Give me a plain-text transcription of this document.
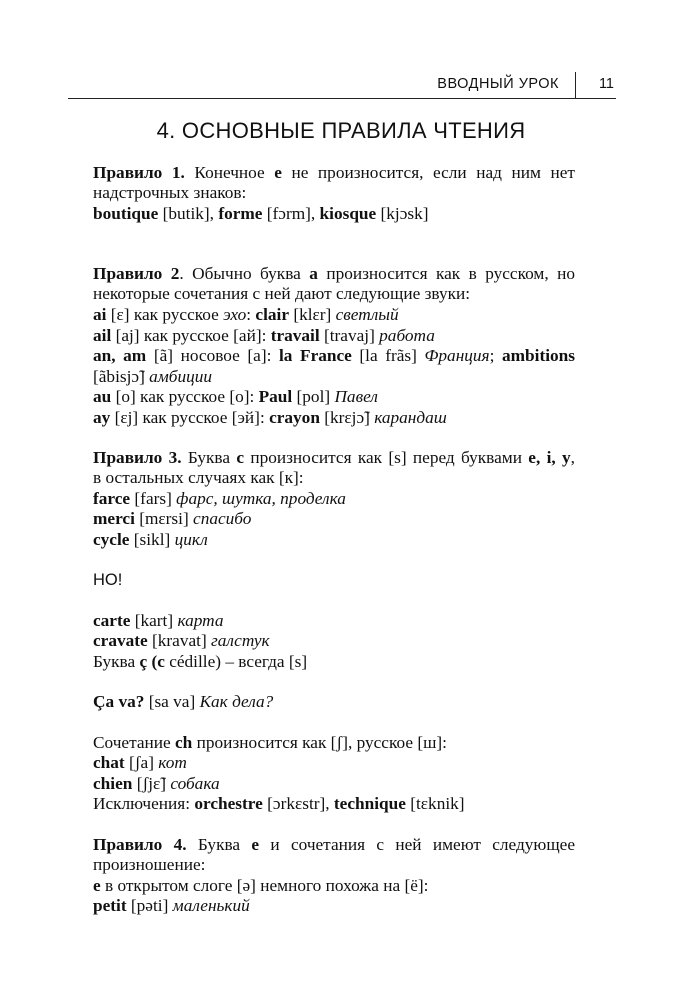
ВВОДНЫЙ УРОК	11
4. ОСНОВНЫЕ ПРАВИЛА ЧТЕНИЯ

Правило 1. Конечное e не произносится, если над ним нет

надстрочных знаков:

boutique [butik], forme [fɔrm], kiosque [kjɔsk]

Правило 2. Обычно буква a произносится как в русском, но

некоторые сочетания с ней дают следующие звуки:

ai [ɛ] как русское эхо: clair [klɛr] светлый

ail [aj] как русское [ай]: travail [travaj] работа

an, am [ã] носовое [а]: la France [la frãs] Франция; ambitions

[ãbisjɔ̃] амбиции

au [o] как русское [о]: Paul [pol] Павел

ay [ɛj] как русское [эй]: crayon [krɛjɔ̃] карандаш

Правило 3. Буква c произносится как [s] перед буквами e, i, y,

в остальных случаях как [к]:

farce [fars] фарс, шутка, проделка

merci [mɛrsi] спасибо

cycle [sikl] цикл

НО!

carte [kart] карта

cravate [kravat] галстук

Буква ç (c cédille) – всегда [s]

Ça va? [sa va] Как дела?

Сочетание ch произносится как [ʃ], русское [ш]:

chat [ʃa] кот

chien [ʃjɛ̃] собака

Исключения: orchestre [ɔrkɛstr], technique [tɛknik]

Правило 4. Буква e и сочетания с ней имеют следующее

произношение:

e в открытом слоге [ə] немного похожа на [ё]:

petit [pəti] маленький
